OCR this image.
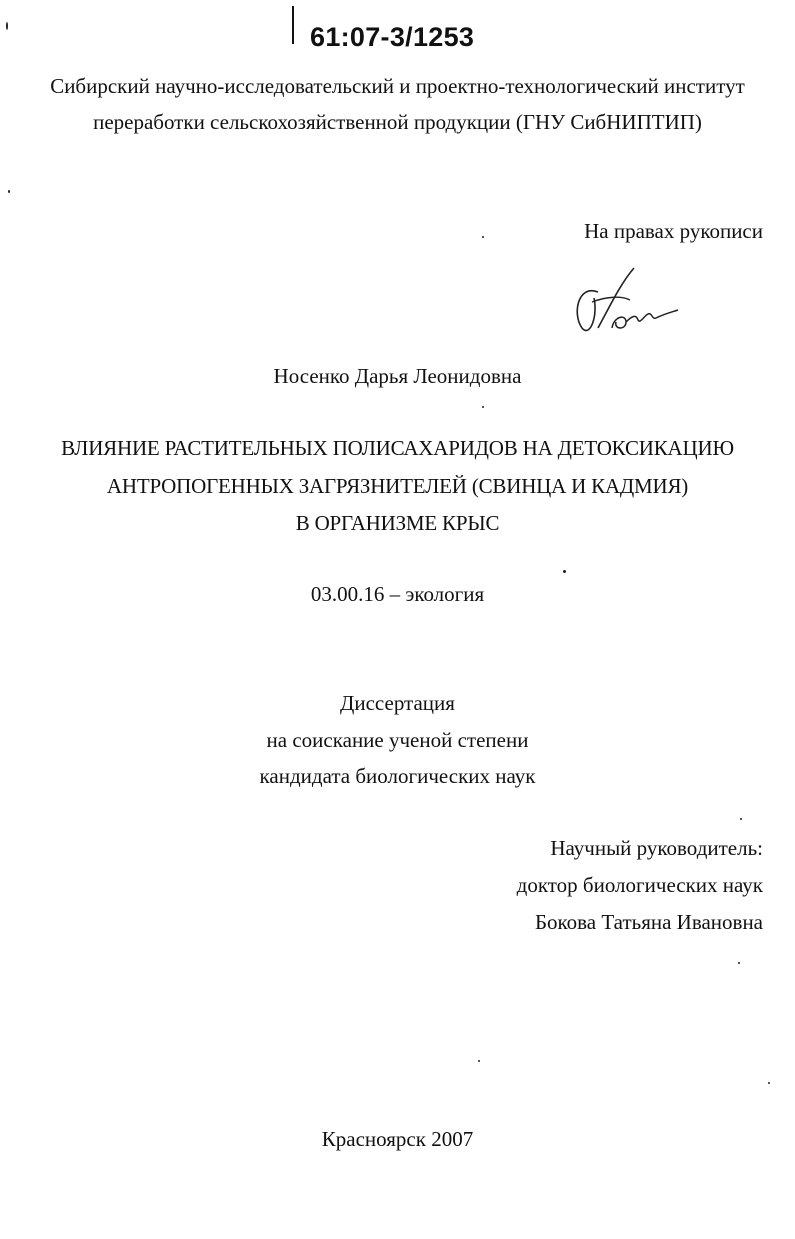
61:07-3/1253
Сибирский научно-исследовательский и проектно-технологический институт
переработки сельскохозяйственной продукции (ГНУ СибНИПТИП)
На правах рукописи
Носенко Дарья Леонидовна
ВЛИЯНИЕ РАСТИТЕЛЬНЫХ ПОЛИСАХАРИДОВ НА ДЕТОКСИКАЦИЮ
АНТРОПОГЕННЫХ ЗАГРЯЗНИТЕЛЕЙ (СВИНЦА И КАДМИЯ)
В ОРГАНИЗМЕ КРЫС
03.00.16 – экология
Диссертация
на соискание ученой степени
кандидата биологических наук
Научный руководитель:
доктор биологических наук
Бокова Татьяна Ивановна
Красноярск 2007
